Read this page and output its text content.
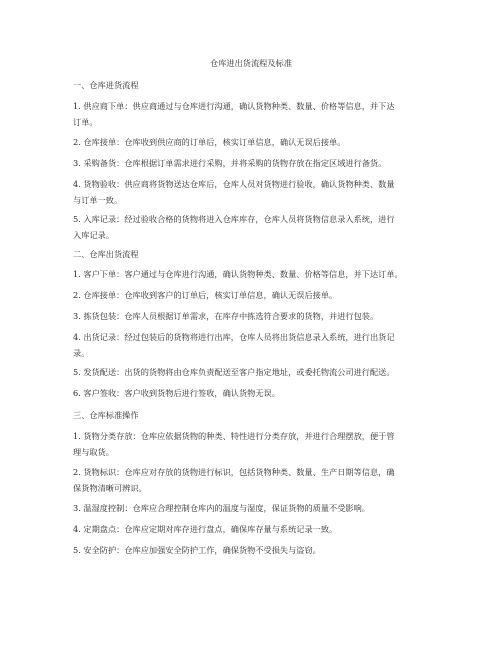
仓库进出货流程及标准
一、仓库进货流程
1. 供应商下单：供应商通过与仓库进行沟通，确认货物种类、数量、价格等信息，并下达
订单。
2. 仓库接单：仓库收到供应商的订单后，核实订单信息，确认无误后接单。
3. 采购备货：仓库根据订单需求进行采购，并将采购的货物存放在指定区域进行备货。
4. 货物验收：供应商将货物送达仓库后，仓库人员对货物进行验收，确认货物种类、数量
与订单一致。
5. 入库记录：经过验收合格的货物将进入仓库库存，仓库人员将货物信息录入系统，进行
入库记录。
二、仓库出货流程
1. 客户下单：客户通过与仓库进行沟通，确认货物种类、数量、价格等信息，并下达订单。
2. 仓库接单：仓库收到客户的订单后，核实订单信息，确认无误后接单。
3. 拣货包装：仓库人员根据订单需求，在库存中拣选符合要求的货物，并进行包装。
4. 出货记录：经过包装后的货物将进行出库，仓库人员将出货信息录入系统，进行出货记
录。
5. 发货配送：出货的货物将由仓库负责配送至客户指定地址，或委托物流公司进行配送。
6. 客户签收：客户收到货物后进行签收，确认货物无误。
三、仓库标准操作
1. 货物分类存放：仓库应依据货物的种类、特性进行分类存放，并进行合理摆放，便于管
理与取货。
2. 货物标识：仓库应对存放的货物进行标识，包括货物种类、数量、生产日期等信息，确
保货物清晰可辨识。
3. 温湿度控制：仓库应合理控制仓库内的温度与湿度，保证货物的质量不受影响。
4. 定期盘点：仓库应定期对库存进行盘点，确保库存量与系统记录一致。
5. 安全防护：仓库应加强安全防护工作，确保货物不受损失与盗窃。
